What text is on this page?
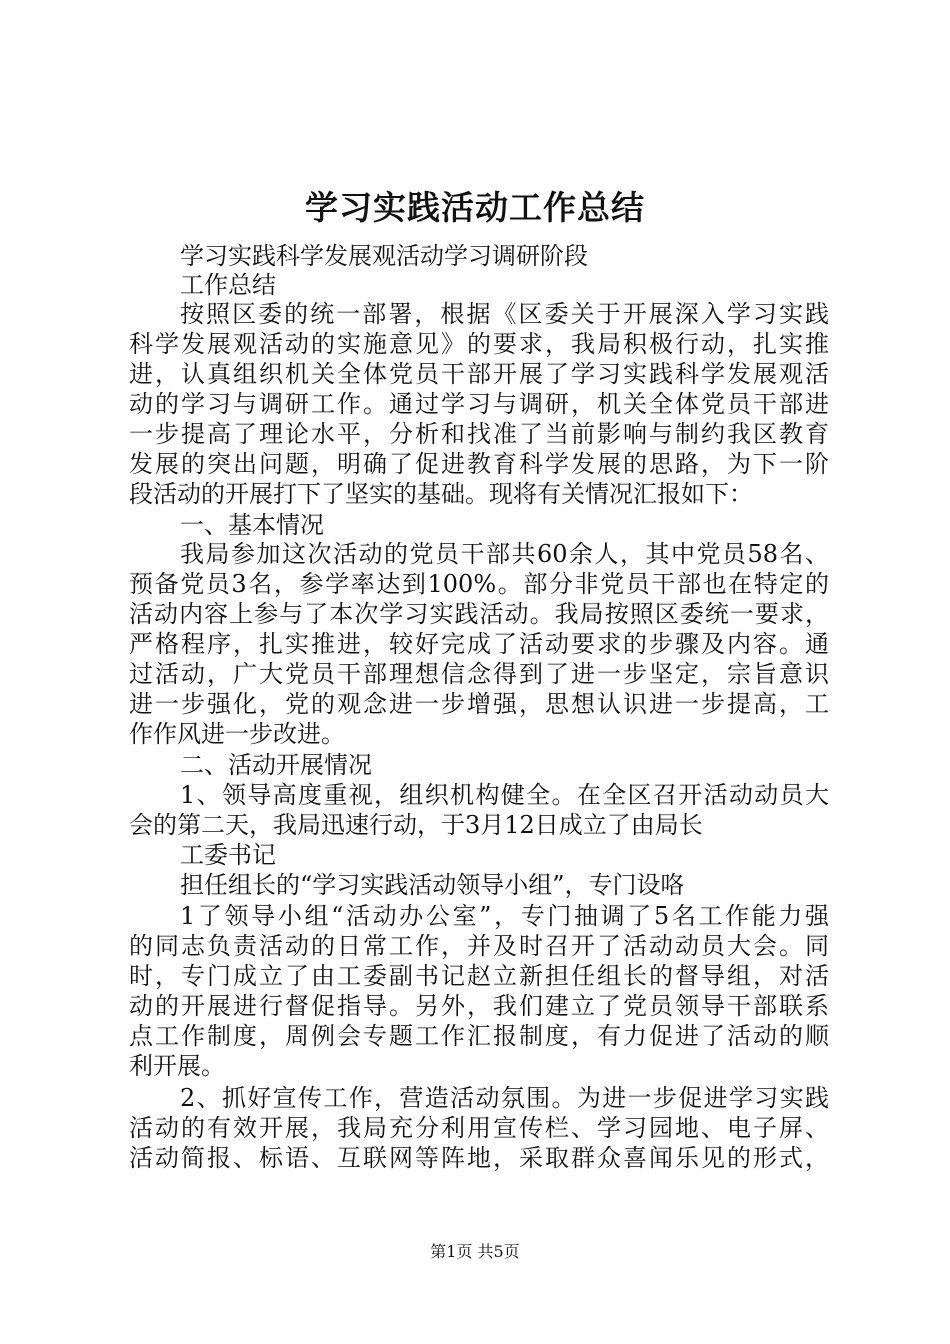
学习实践活动工作总结

学习实践科学发展观活动学习调研阶段

工作总结

按照区委的统一部署，根据《区委关于开展深入学习实践

科学发展观活动的实施意见》的要求，我局积极行动，扎实推

进，认真组织机关全体党员干部开展了学习实践科学发展观活

动的学习与调研工作。通过学习与调研，机关全体党员干部进

一步提高了理论水平，分析和找准了当前影响与制约我区教育

发展的突出问题，明确了促进教育科学发展的思路，为下一阶

段活动的开展打下了坚实的基础。现将有关情况汇报如下：

一、基本情况

我局参加这次活动的党员干部共60余人，其中党员58名、

预备党员3名，参学率达到100%。部分非党员干部也在特定的

活动内容上参与了本次学习实践活动。我局按照区委统一要求，

严格程序，扎实推进，较好完成了活动要求的步骤及内容。通

过活动，广大党员干部理想信念得到了进一步坚定，宗旨意识

进一步强化，党的观念进一步增强，思想认识进一步提高，工

作作风进一步改进。

二、活动开展情况

1、领导高度重视，组织机构健全。在全区召开活动动员大

会的第二天，我局迅速行动，于3月12日成立了由局长

工委书记

担任组长的“学习实践活动领导小组”，专门设咯

1了领导小组“活动办公室”，专门抽调了5名工作能力强

的同志负责活动的日常工作，并及时召开了活动动员大会。同

时，专门成立了由工委副书记赵立新担任组长的督导组，对活

动的开展进行督促指导。另外，我们建立了党员领导干部联系

点工作制度，周例会专题工作汇报制度，有力促进了活动的顺

利开展。

2、抓好宣传工作，营造活动氛围。为进一步促进学习实践

活动的有效开展，我局充分利用宣传栏、学习园地、电子屏、

活动简报、标语、互联网等阵地，采取群众喜闻乐见的形式，

第1页 共5页
